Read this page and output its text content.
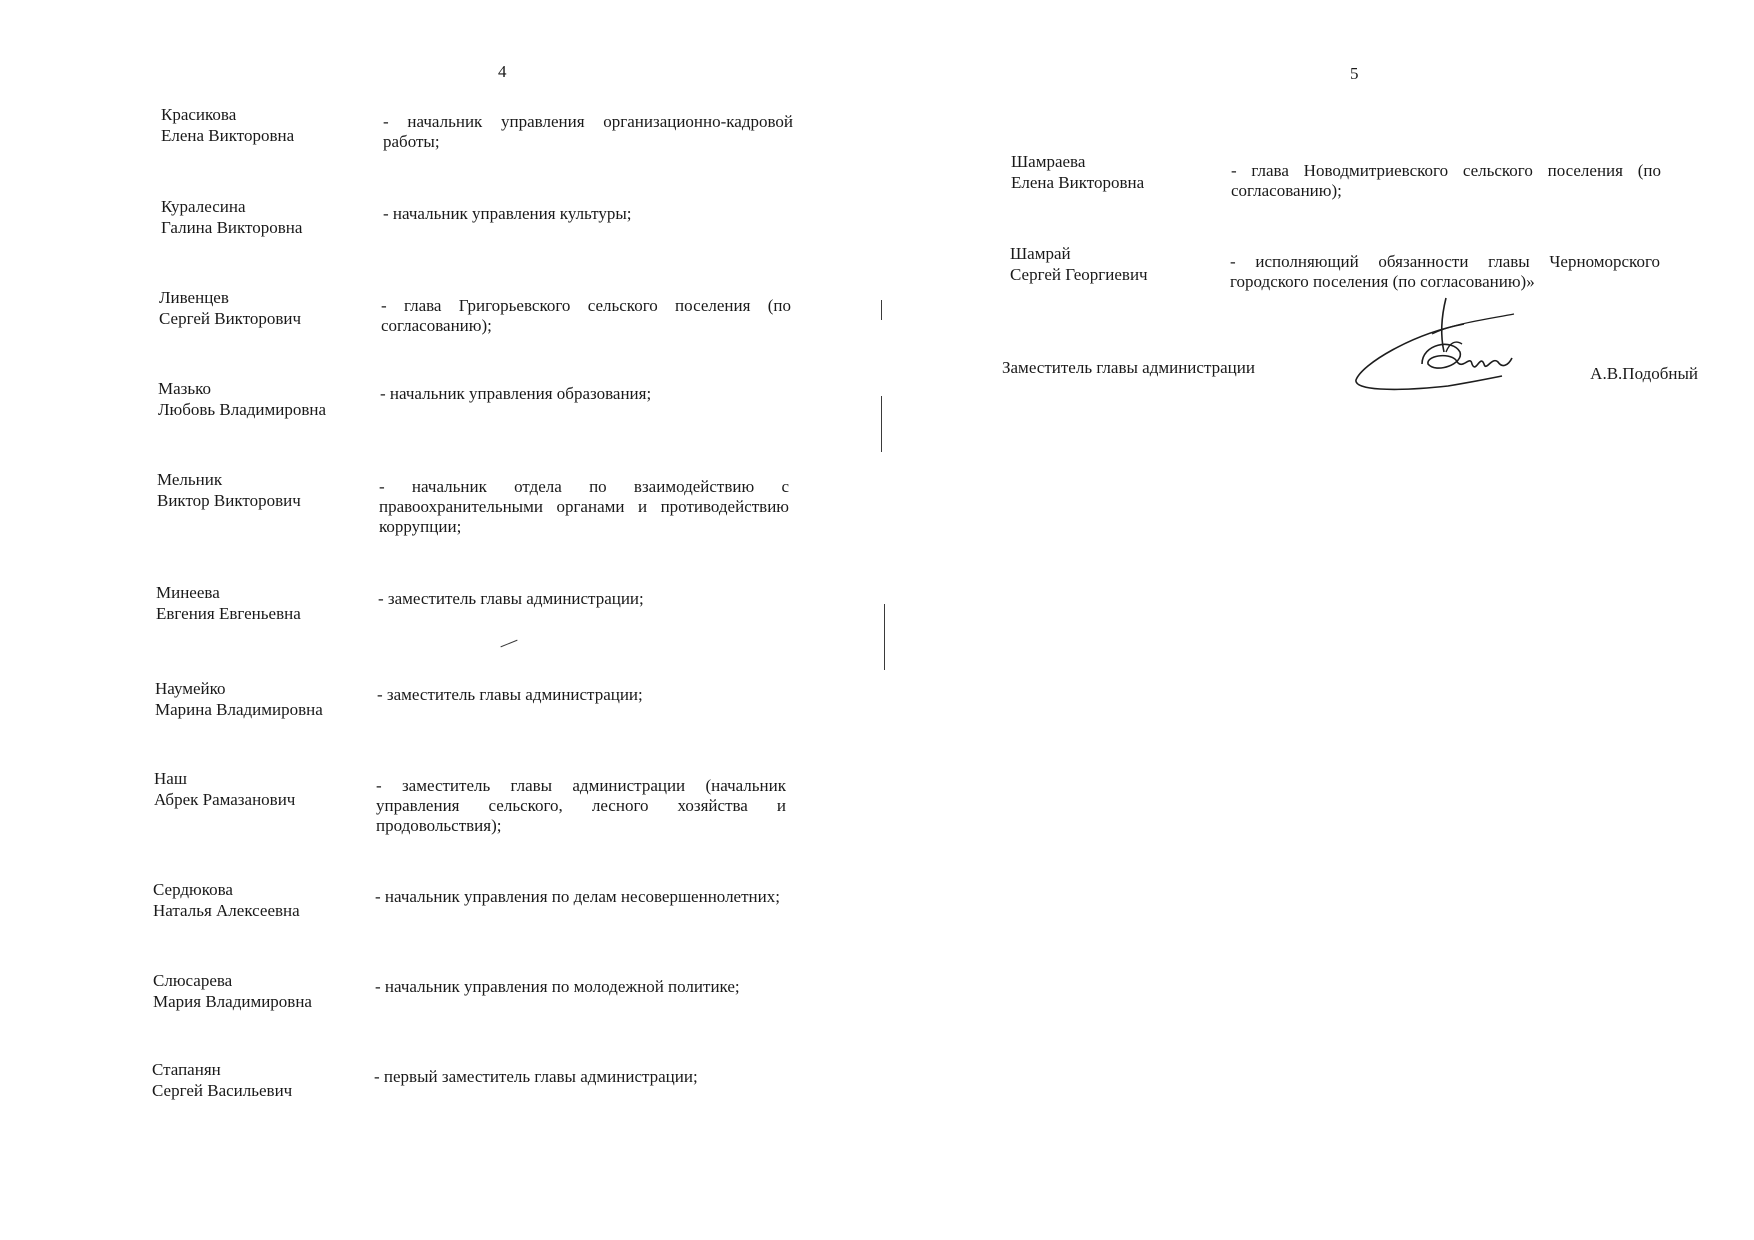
4
Красикова
Елена Викторовна
- начальник управления организационно-кадровой работы;
Куралесина
Галина Викторовна
- начальник управления культуры;
Ливенцев
Сергей Викторович
- глава Григорьевского сельского поселения (по согласованию);
Мазько
Любовь Владимировна
- начальник управления образования;
Мельник
Виктор Викторович
- начальник отдела по взаимодействию с правоохранительными органами и противодействию коррупции;
Минеева
Евгения Евгеньевна
- заместитель главы администрации;
Наумейко
Марина Владимировна
- заместитель главы администрации;
Наш
Абрек Рамазанович
- заместитель главы администрации (начальник управления сельского, лесного хозяйства и продовольствия);
Сердюкова
Наталья Алексеевна
- начальник управления по делам несовершеннолетних;
Слюсарева
Мария Владимировна
- начальник управления по молодежной политике;
Стапанян
Сергей Васильевич
- первый заместитель главы администрации;
5
Шамраева
Елена Викторовна
- глава Новодмитриевского сельского поселения (по согласованию);
Шамрай
Сергей Георгиевич
- исполняющий обязанности главы Черноморского городского поселения (по согласованию)»
Заместитель главы администрации	А.В.Подобный
